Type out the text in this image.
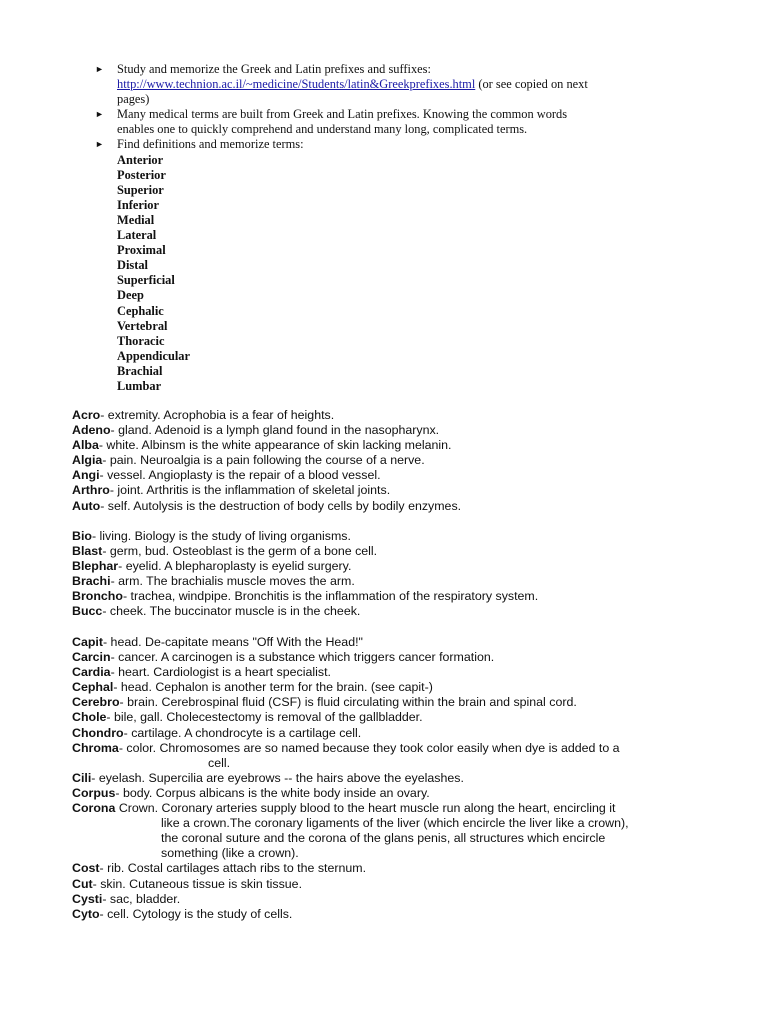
► Study and memorize the Greek and Latin prefixes and suffixes:
http://www.technion.ac.il/~medicine/Students/latin&Greekprefixes.html (or see copied on next
pages)
► Many medical terms are built from Greek and Latin prefixes. Knowing the common words
enables one to quickly comprehend and understand many long, complicated terms.
► Find definitions and memorize terms:
Anterior
Posterior
Superior
Inferior
Medial
Lateral
Proximal
Distal
Superficial
Deep
Cephalic
Vertebral
Thoracic
Appendicular
Brachial
Lumbar
Acro- extremity. Acrophobia is a fear of heights.
Adeno- gland. Adenoid is a lymph gland found in the nasopharynx.
Alba- white. Albinsm is the white appearance of skin lacking melanin.
Algia- pain. Neuroalgia is a pain following the course of a nerve.
Angi- vessel. Angioplasty is the repair of a blood vessel.
Arthro- joint. Arthritis is the inflammation of skeletal joints.
Auto- self. Autolysis is the destruction of body cells by bodily enzymes.
Bio- living. Biology is the study of living organisms.
Blast- germ, bud. Osteoblast is the germ of a bone cell.
Blephar- eyelid. A blepharoplasty is eyelid surgery.
Brachi- arm. The brachialis muscle moves the arm.
Broncho- trachea, windpipe. Bronchitis is the inflammation of the respiratory system.
Bucc- cheek. The buccinator muscle is in the cheek.
Capit- head. De-capitate means "Off With the Head!"
Carcin- cancer. A carcinogen is a substance which triggers cancer formation.
Cardia- heart. Cardiologist is a heart specialist.
Cephal- head. Cephalon is another term for the brain. (see capit-)
Cerebro- brain. Cerebrospinal fluid (CSF) is fluid circulating within the brain and spinal cord.
Chole- bile, gall. Cholecestectomy is removal of the gallbladder.
Chondro- cartilage. A chondrocyte is a cartilage cell.
Chroma- color. Chromosomes are so named because they took color easily when dye is added to a
cell.
Cili- eyelash. Supercilia are eyebrows -- the hairs above the eyelashes.
Corpus- body. Corpus albicans is the white body inside an ovary.
Corona Crown. Coronary arteries supply blood to the heart muscle run along the heart, encircling it
like a crown.The coronary ligaments of the liver (which encircle the liver like a crown),
the coronal suture and the corona of the glans penis, all structures which encircle
something (like a crown).
Cost- rib. Costal cartilages attach ribs to the sternum.
Cut- skin. Cutaneous tissue is skin tissue.
Cysti- sac, bladder.
Cyto- cell. Cytology is the study of cells.
